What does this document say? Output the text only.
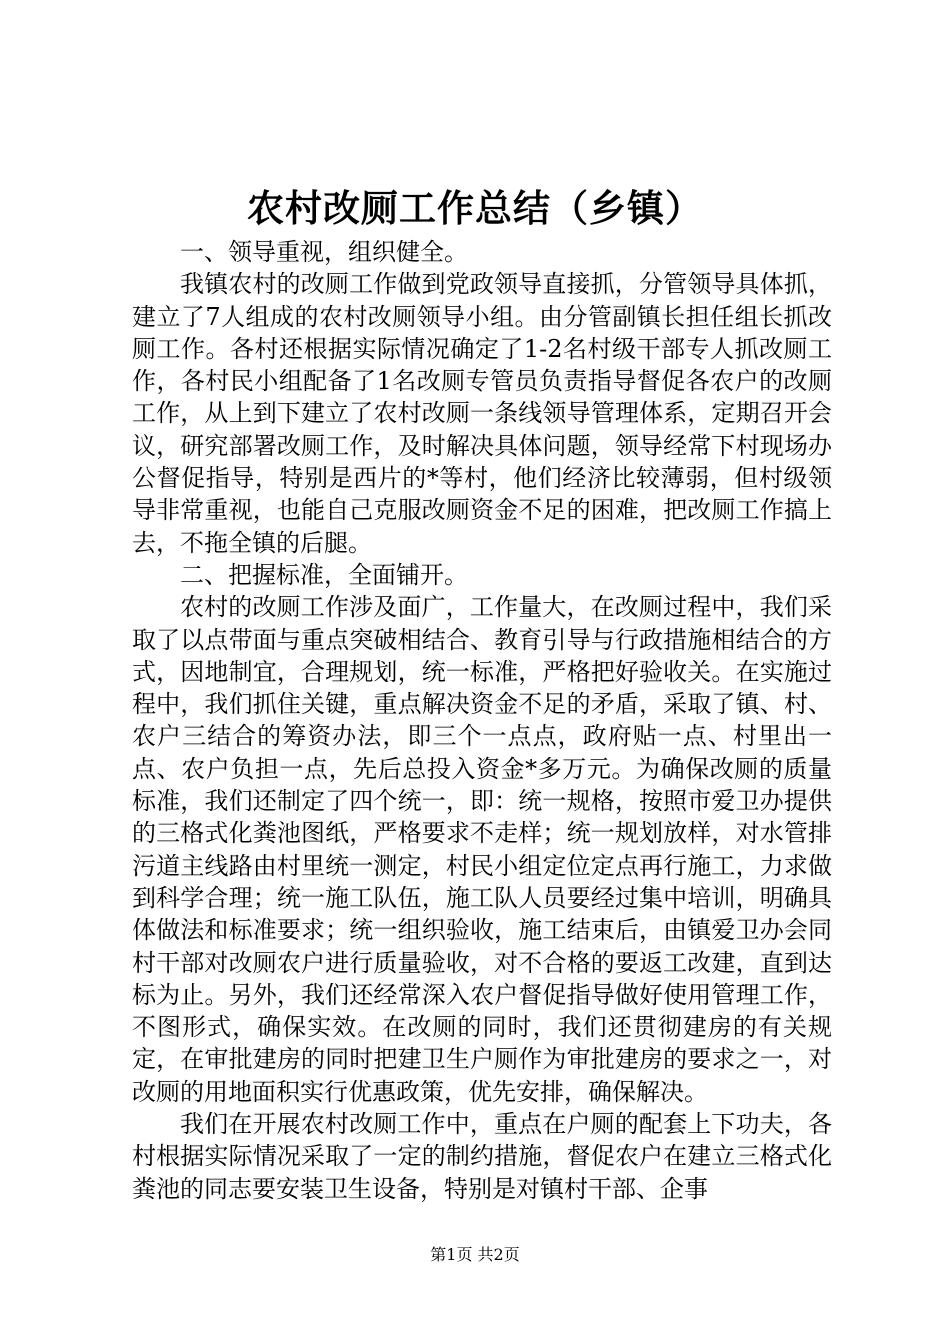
农村改厕工作总结（乡镇）

一、领导重视，组织健全。

我镇农村的改厕工作做到党政领导直接抓，分管领导具体抓，建立了7人组成的农村改厕领导小组。由分管副镇长担任组长抓改厕工作。各村还根据实际情况确定了1-2名村级干部专人抓改厕工作，各村民小组配备了1名改厕专管员负责指导督促各农户的改厕工作，从上到下建立了农村改厕一条线领导管理体系，定期召开会议，研究部署改厕工作，及时解决具体问题，领导经常下村现场办公督促指导，特别是西片的*等村，他们经济比较薄弱，但村级领导非常重视，也能自己克服改厕资金不足的困难，把改厕工作搞上去，不拖全镇的后腿。

二、把握标准，全面铺开。

农村的改厕工作涉及面广，工作量大，在改厕过程中，我们采取了以点带面与重点突破相结合、教育引导与行政措施相结合的方式，因地制宜，合理规划，统一标准，严格把好验收关。在实施过程中，我们抓住关键，重点解决资金不足的矛盾，采取了镇、村、农户三结合的筹资办法，即三个一点点，政府贴一点、村里出一点、农户负担一点，先后总投入资金*多万元。为确保改厕的质量标准，我们还制定了四个统一，即：统一规格，按照市爱卫办提供的三格式化粪池图纸，严格要求不走样；统一规划放样，对水管排污道主线路由村里统一测定，村民小组定位定点再行施工，力求做到科学合理；统一施工队伍，施工队人员要经过集中培训，明确具体做法和标准要求；统一组织验收，施工结束后，由镇爱卫办会同村干部对改厕农户进行质量验收，对不合格的要返工改建，直到达标为止。另外，我们还经常深入农户督促指导做好使用管理工作，不图形式，确保实效。在改厕的同时，我们还贯彻建房的有关规定，在审批建房的同时把建卫生户厕作为审批建房的要求之一，对改厕的用地面积实行优惠政策，优先安排，确保解决。

我们在开展农村改厕工作中，重点在户厕的配套上下功夫，各村根据实际情况采取了一定的制约措施，督促农户在建立三格式化粪池的同志要安装卫生设备，特别是对镇村干部、企事

第1页 共2页
